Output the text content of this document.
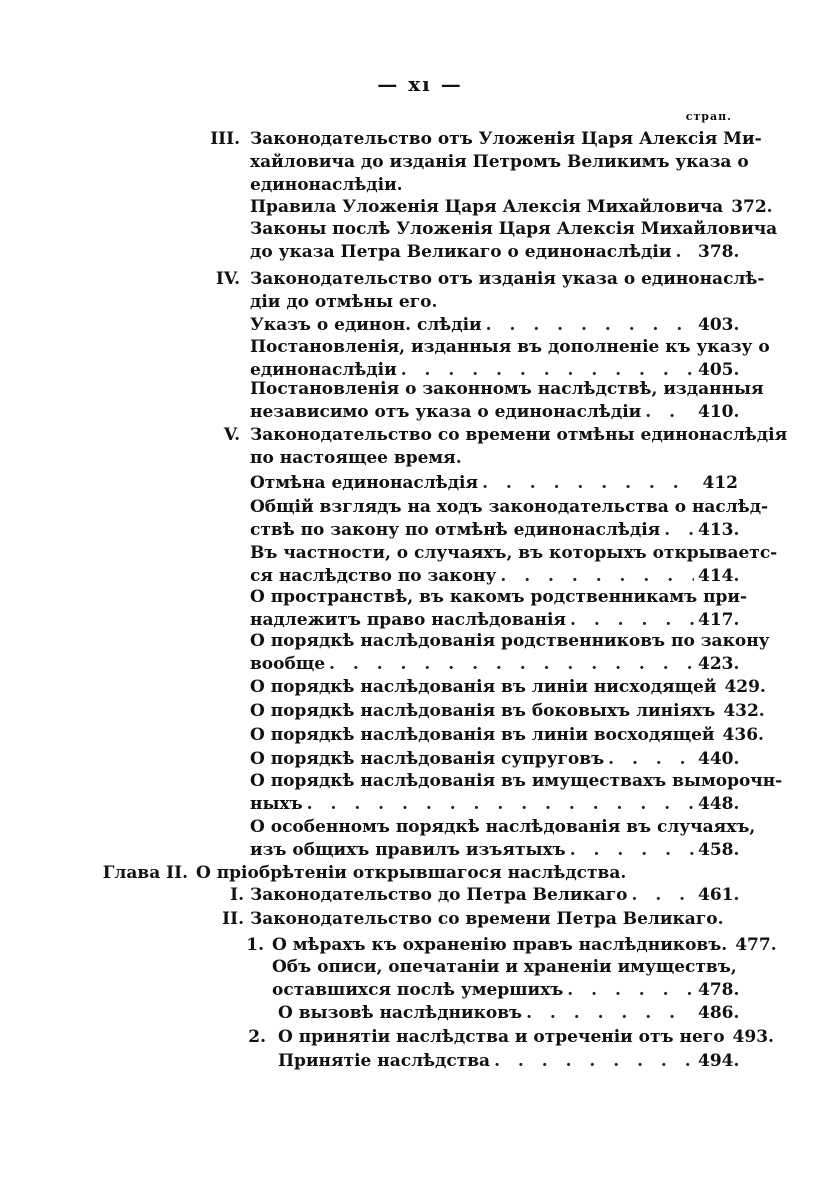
— xı —
страп.
III. Законодательство отъ Уложенія Царя Алексія Ми-
хайловича до изданія Петромъ Великимъ указа о
единонаслѣдіи.
Правила Уложенія Царя Алексія Михайловича 372.
Законы послѣ Уложенія Царя Алексія Михайловича
до указа Петра Великаго о единонаслѣдіи . . . 378.
IV. Законодательство отъ изданія указа о единонаслѣ-
діи до отмѣны его.
Указъ о единон. слѣдіи . . .	403.
Постановленія, изданныя въ дополненіе къ указу о
единонаслѣдіи . . .	405.
Постановленія о законномъ наслѣдствѣ, изданныя
независимо отъ указа о единонаслѣдіи . . .	410.
V. Законодательство со времени отмѣны единонаслѣдія
по настоящее время.
Отмѣна единонаслѣдія . . .	412
Общій взглядъ на ходъ законодательства о наслѣд-
ствѣ по закону по отмѣнѣ единонаслѣдія . . . 413.
Въ частности, о случаяхъ, въ которыхъ открываетс-
ся наслѣдство по закону . . .	414.
О пространствѣ, въ какомъ родственникамъ при-
надлежитъ право наслѣдованія . . .	417.
О порядкѣ наслѣдованія родственниковъ по закону
вообще . . .	423.
О порядкѣ наслѣдованія въ линіи нисходящей 429.
О порядкѣ наслѣдованія въ боковыхъ линіяхъ 432.
О порядкѣ наслѣдованія въ линіи восходящей 436.
О порядкѣ наслѣдованія супруговъ . . .	440.
О порядкѣ наслѣдованія въ имуществахъ выморочн-
ныхъ . . .	448.
О особенномъ порядкѣ наслѣдованія въ случаяхъ,
изъ общихъ правилъ изъятыхъ . . .	458.
Глава II. О пріобрѣтеніи открывшагося наслѣдства.
I. Законодательство до Петра Великаго . . .	461.
II. Законодательство со времени Петра Великаго.
1. О мѣрахъ къ охраненію правъ наслѣдниковъ. 477.
Объ описи, опечатаніи и храненіи имуществъ,
оставшихся послѣ умершихъ . . .	478.
О вызовѣ наслѣдниковъ . . .	486.
2. О принятіи наслѣдства и отреченіи отъ него 493.
Принятіе наслѣдства . . .	494.
